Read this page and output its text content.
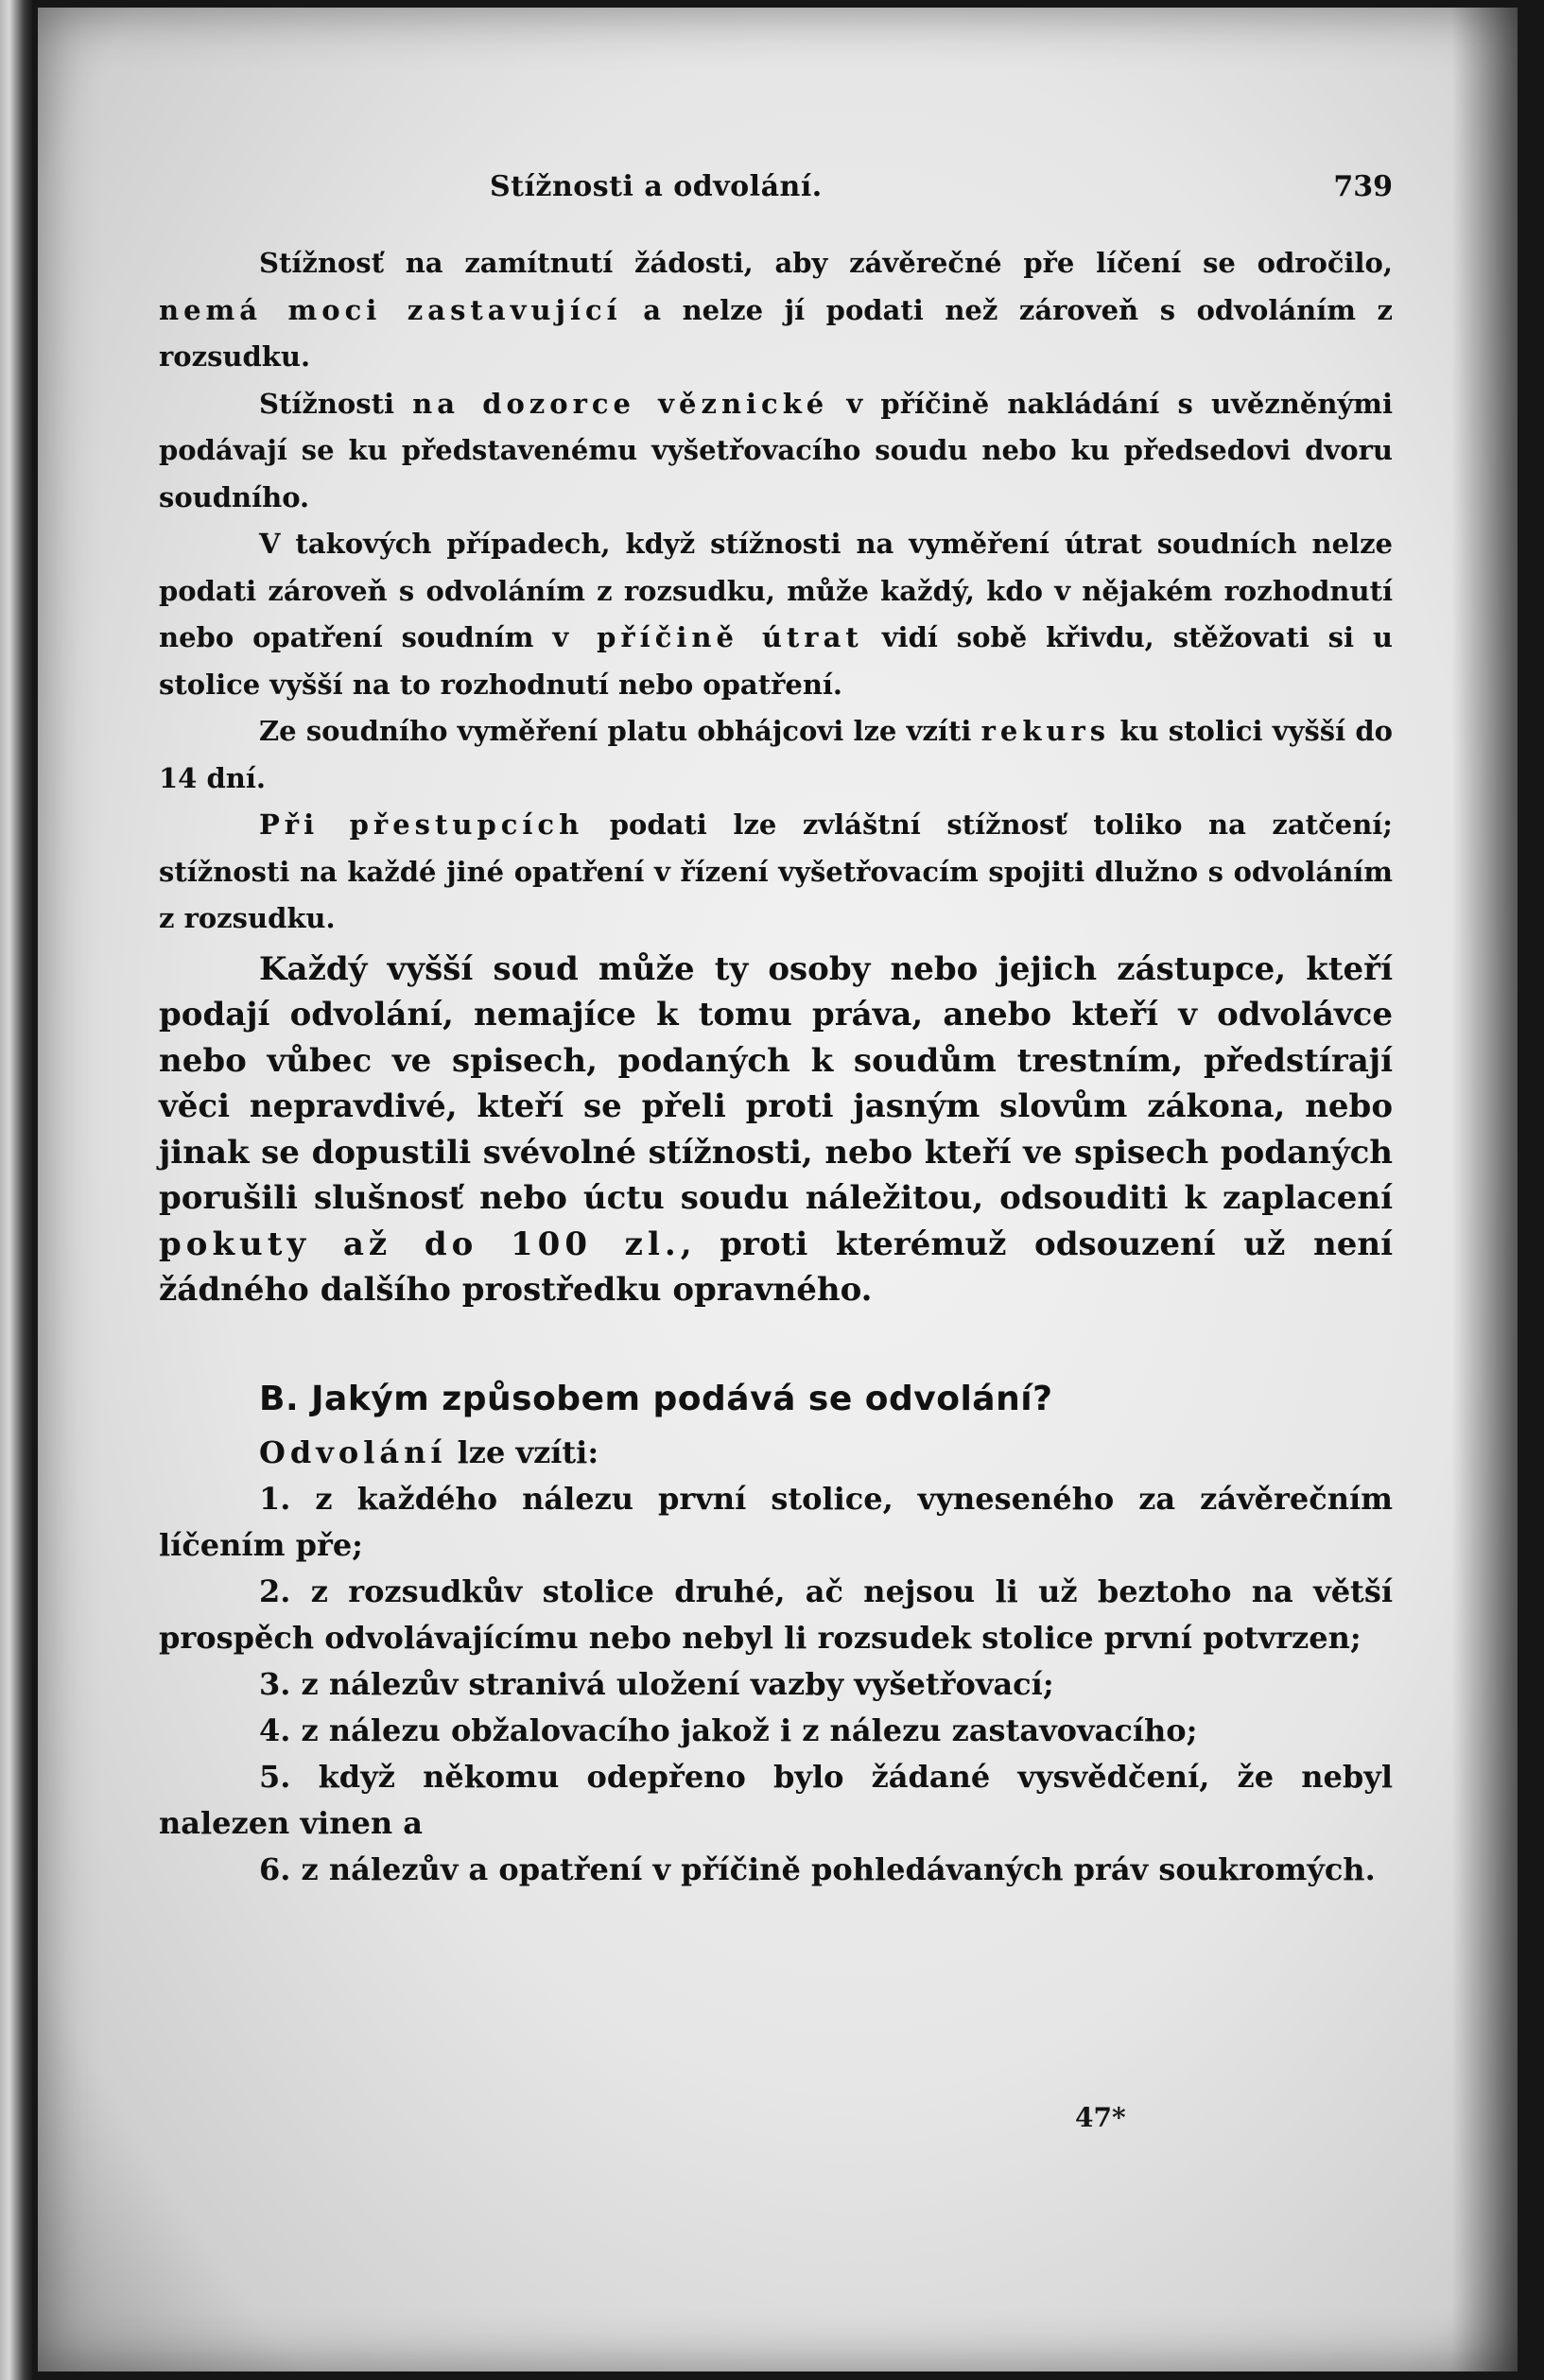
Stížnosti a odvolání.	739

Stížnosť na zamítnutí žádosti, aby závěrečné pře líčení se odročilo, nemá moci zastavující a nelze jí podati než zároveň s odvoláním z rozsudku.

Stížnosti na dozorce věznické v příčině nakládání s uvězněnými podávají se ku představenému vyšetřovacího soudu nebo ku předsedovi dvoru soudního.

V takových případech, když stížnosti na vyměření útrat soudních nelze podati zároveň s odvoláním z rozsudku, může každý, kdo v nějakém rozhodnutí nebo opatření soudním v příčině útrat vidí sobě křivdu, stěžovati si u stolice vyšší na to rozhodnutí nebo opatření.

Ze soudního vyměření platu obhájcovi lze vzíti rekurs ku stolici vyšší do 14 dní.

Při přestupcích podati lze zvláštní stížnosť toliko na zatčení; stížnosti na každé jiné opatření v řízení vyšetřovacím spojiti dlužno s odvoláním z rozsudku.

Každý vyšší soud může ty osoby nebo jejich zástupce, kteří podají odvolání, nemajíce k tomu práva, anebo kteří v odvolávce nebo vůbec ve spisech, podaných k soudům trestním, předstírají věci nepravdivé, kteří se přeli proti jasným slovům zákona, nebo jinak se dopustili svévolné stížnosti, nebo kteří ve spisech podaných porušili slušnosť nebo úctu soudu náležitou, odsouditi k zaplacení pokuty až do 100 zl., proti kterémuž odsouzení už není žádného dalšího prostředku opravného.

B. Jakým způsobem podává se odvolání?

Odvolání lze vzíti:

1. z každého nálezu první stolice, vyneseného za závěrečním líčením pře;

2. z rozsudkův stolice druhé, ač nejsou li už beztoho na větší prospěch odvolávajícímu nebo nebyl li rozsudek stolice první potvrzen;

3. z nálezův stranivá uložení vazby vyšetřovací;

4. z nálezu obžalovacího jakož i z nálezu zastavovacího;

5. když někomu odepřeno bylo žádané vysvědčení, že nebyl nalezen vinen a

6. z nálezův a opatření v příčině pohledávaných práv soukromých.

47*
